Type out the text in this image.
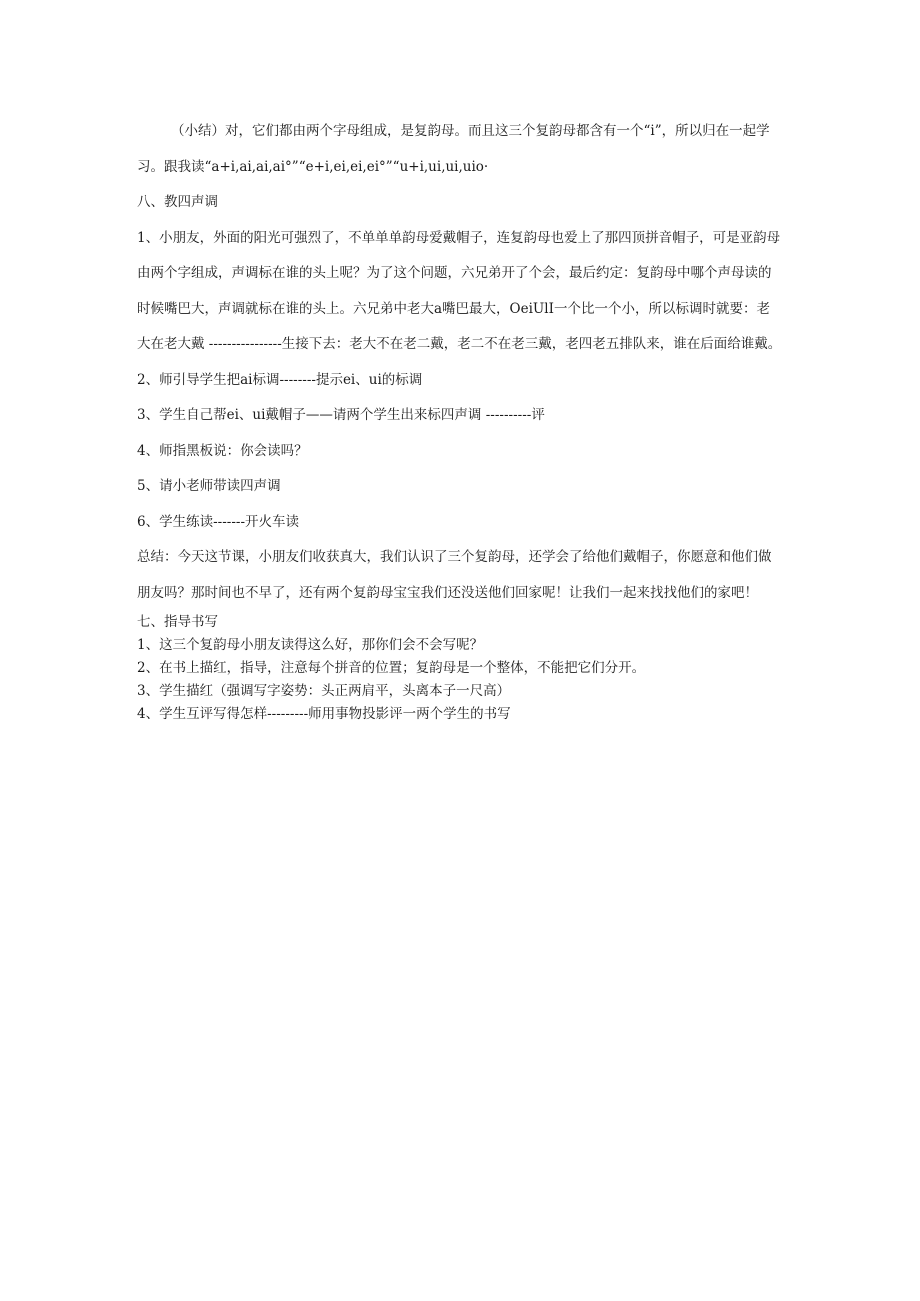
（小结）对，它们都由两个字母组成，是复韵母。而且这三个复韵母都含有一个“i”，所以归在一起学习。跟我读“a+i,ai,ai,ai°”“e+i,ei,ei,ei°”“u+i,ui,ui,uio·

八、教四声调

1、小朋友，外面的阳光可强烈了，不单单单韵母爱戴帽子，连复韵母也爱上了那四顶拼音帽子，可是亚韵母由两个字组成，声调标在谁的头上呢？为了这个问题，六兄弟开了个会，最后约定：复韵母中哪个声母读的时候嘴巴大，声调就标在谁的头上。六兄弟中老大a嘴巴最大，OeiUlI一个比一个小，所以标调时就要：老大在老大戴 ----------------生接下去：老大不在老二戴，老二不在老三戴，老四老五排队来，谁在后面给谁戴。

2、师引导学生把ai标调--------提示ei、ui的标调

3、学生自己帮ei、ui戴帽子——请两个学生出来标四声调 ----------评

4、师指黑板说：你会读吗？

5、请小老师带读四声调

6、学生练读-------开火车读

总结：今天这节课，小朋友们收获真大，我们认识了三个复韵母，还学会了给他们戴帽子，你愿意和他们做朋友吗？那时间也不早了，还有两个复韵母宝宝我们还没送他们回家呢！让我们一起来找找他们的家吧！

七、指导书写

1、这三个复韵母小朋友读得这么好，那你们会不会写呢？

2、在书上描红，指导，注意每个拼音的位置；复韵母是一个整体，不能把它们分开。

3、学生描红（强调写字姿势：头正两肩平，头离本子一尺高）

4、学生互评写得怎样---------师用事物投影评一两个学生的书写
